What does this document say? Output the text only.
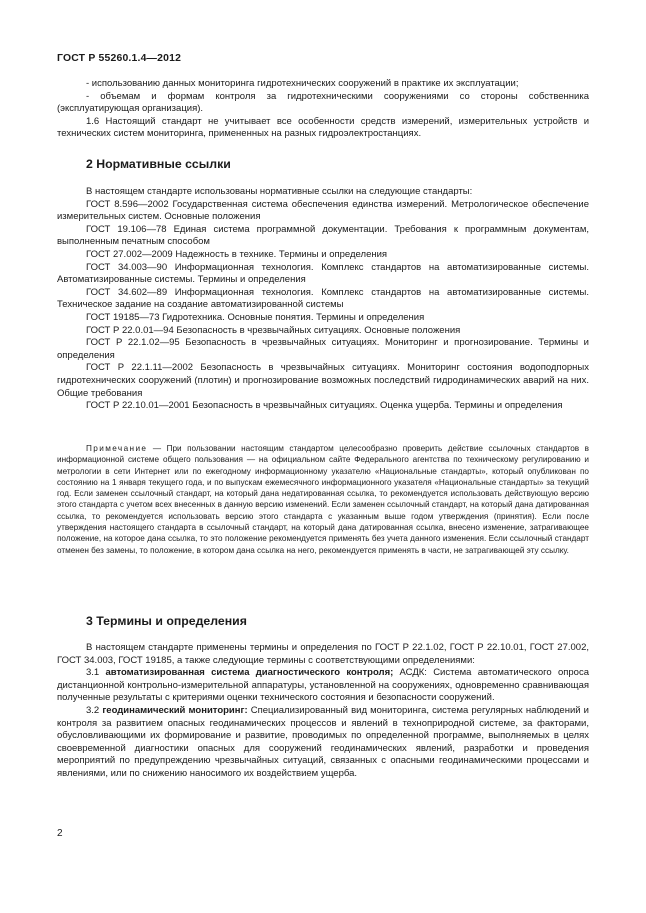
ГОСТ Р 55260.1.4—2012

- использованию данных мониторинга гидротехнических сооружений в практике их эксплуатации;

- объемам и формам контроля за гидротехническими сооружениями со стороны собственника (эксплуатирующая организация).

1.6 Настоящий стандарт не учитывает все особенности средств измерений, измерительных устройств и технических систем мониторинга, примененных на разных гидроэлектростанциях.

2 Нормативные ссылки

В настоящем стандарте использованы нормативные ссылки на следующие стандарты:

ГОСТ 8.596—2002 Государственная система обеспечения единства измерений. Метрологическое обеспечение измерительных систем. Основные положения

ГОСТ 19.106—78 Единая система программной документации. Требования к программным документам, выполненным печатным способом

ГОСТ 27.002—2009 Надежность в технике. Термины и определения

ГОСТ 34.003—90 Информационная технология. Комплекс стандартов на автоматизированные системы. Автоматизированные системы. Термины и определения

ГОСТ 34.602—89 Информационная технология. Комплекс стандартов на автоматизированные системы. Техническое задание на создание автоматизированной системы

ГОСТ 19185—73 Гидротехника. Основные понятия. Термины и определения

ГОСТ Р 22.0.01—94 Безопасность в чрезвычайных ситуациях. Основные положения

ГОСТ Р 22.1.02—95 Безопасность в чрезвычайных ситуациях. Мониторинг и прогнозирование. Термины и определения

ГОСТ Р 22.1.11—2002 Безопасность в чрезвычайных ситуациях. Мониторинг состояния водоподпорных гидротехнических сооружений (плотин) и прогнозирование возможных последствий гидродинамических аварий на них. Общие требования

ГОСТ Р 22.10.01—2001 Безопасность в чрезвычайных ситуациях. Оценка ущерба. Термины и определения

Примечание — При пользовании настоящим стандартом целесообразно проверить действие ссылочных стандартов в информационной системе общего пользования — на официальном сайте Федерального агентства по техническому регулированию и метрологии в сети Интернет или по ежегодному информационному указателю «Национальные стандарты», который опубликован по состоянию на 1 января текущего года, и по выпускам ежемесячного информационного указателя «Национальные стандарты» за текущий год. Если заменен ссылочный стандарт, на который дана недатированная ссылка, то рекомендуется использовать действующую версию этого стандарта с учетом всех внесенных в данную версию изменений. Если заменен ссылочный стандарт, на который дана датированная ссылка, то рекомендуется использовать версию этого стандарта с указанным выше годом утверждения (принятия). Если после утверждения настоящего стандарта в ссылочный стандарт, на который дана датированная ссылка, внесено изменение, затрагивающее положение, на которое дана ссылка, то это положение рекомендуется применять без учета данного изменения. Если ссылочный стандарт отменен без замены, то положение, в котором дана ссылка на него, рекомендуется применять в части, не затрагивающей эту ссылку.

3 Термины и определения

В настоящем стандарте применены термины и определения по ГОСТ Р 22.1.02, ГОСТ Р 22.10.01, ГОСТ 27.002, ГОСТ 34.003, ГОСТ 19185, а также следующие термины с соответствующими определениями:

3.1 автоматизированная система диагностического контроля; АСДК: Система автоматического опроса дистанционной контрольно-измерительной аппаратуры, установленной на сооружениях, одновременно сравнивающая полученные результаты с критериями оценки технического состояния и безопасности сооружений.

3.2 геодинамический мониторинг: Специализированный вид мониторинга, система регулярных наблюдений и контроля за развитием опасных геодинамических процессов и явлений в техноприродной системе, за факторами, обусловливающими их формирование и развитие, проводимых по определенной программе, выполняемых в целях своевременной диагностики опасных для сооружений геодинамических явлений, разработки и проведения мероприятий по предупреждению чрезвычайных ситуаций, связанных с опасными геодинамическими процессами и явлениями, или по снижению наносимого их воздействием ущерба.

2
